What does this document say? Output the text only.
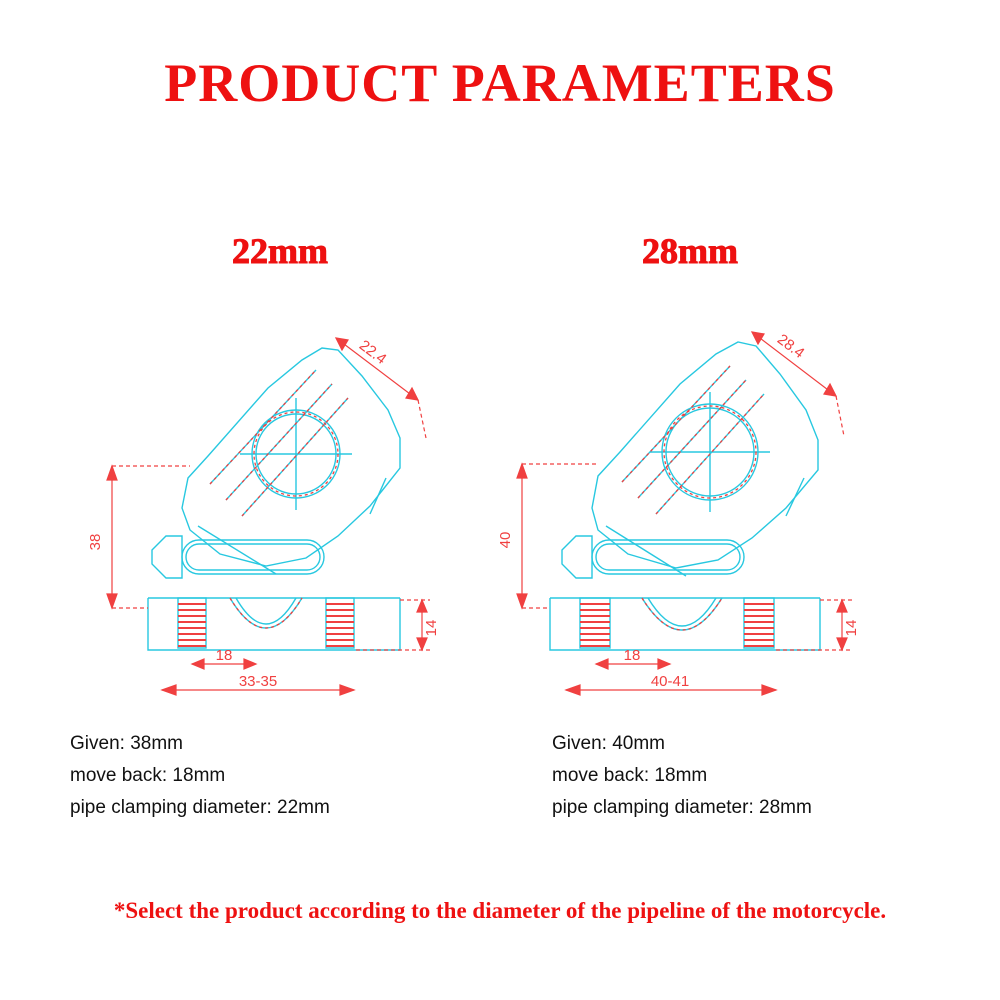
PRODUCT PARAMETERS
22mm
22.4
38
18
33-35
14
28mm
28.4
40
18
40-41
14
Given: 38mm
move back: 18mm
pipe clamping diameter: 22mm
Given: 40mm
move back: 18mm
pipe clamping diameter: 28mm
*Select the product according to the diameter of the pipeline of the motorcycle.
